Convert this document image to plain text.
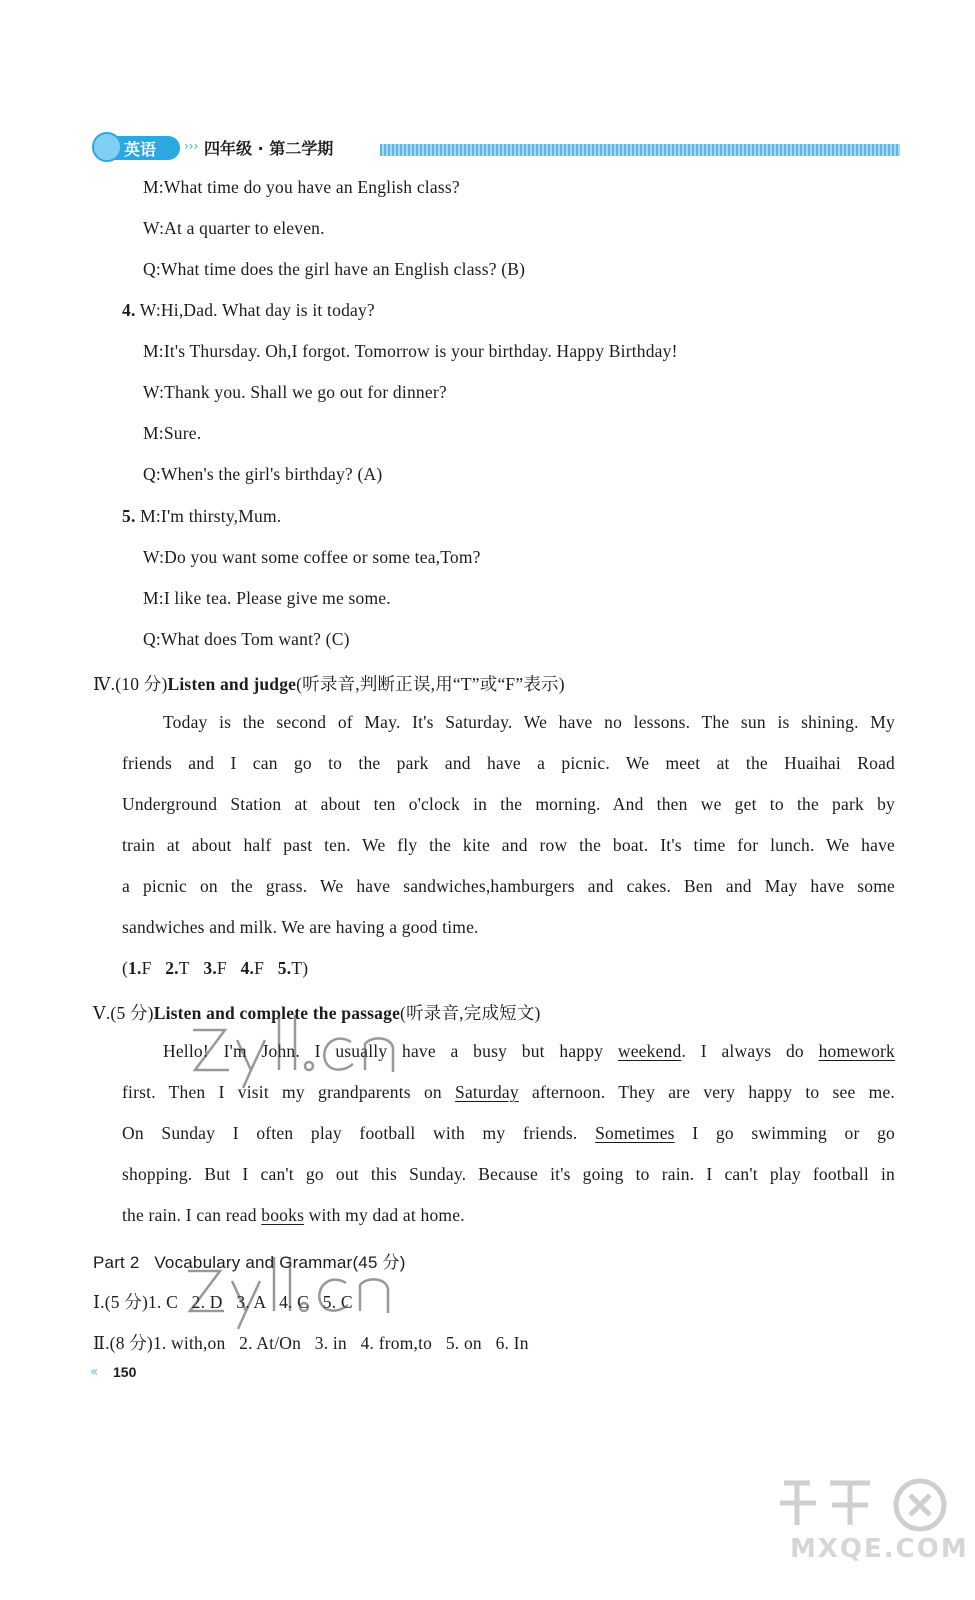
英语 ››› 四年级 · 第二学期
M:What time do you have an English class?
W:At a quarter to eleven.
Q:What time does the girl have an English class? (B)
4. W:Hi,Dad. What day is it today?
M:It's Thursday. Oh,I forgot. Tomorrow is your birthday. Happy Birthday!
W:Thank you. Shall we go out for dinner?
M:Sure.
Q:When's the girl's birthday? (A)
5. M:I'm thirsty,Mum.
W:Do you want some coffee or some tea,Tom?
M:I like tea. Please give me some.
Q:What does Tom want? (C)
Ⅳ.(10 分)Listen and judge(听录音,判断正误,用“T”或“F”表示)
Today is the second of May. It's Saturday. We have no lessons. The sun is shining. My
friends and I can go to the park and have a picnic. We meet at the Huaihai Road
Underground Station at about ten o'clock in the morning. And then we get to the park by
train at about half past ten. We fly the kite and row the boat. It's time for lunch. We have
a picnic on the grass. We have sandwiches,hamburgers and cakes. Ben and May have some
sandwiches and milk. We are having a good time.
(1.F 2.T 3.F 4.F 5.T)
Ⅴ.(5 分)Listen and complete the passage(听录音,完成短文)
Hello! I'm John. I usually have a busy but happy weekend. I always do homework
first. Then I visit my grandparents on Saturday afternoon. They are very happy to see me.
On Sunday I often play football with my friends. Sometimes I go swimming or go
shopping. But I can't go out this Sunday. Because it's going to rain. I can't play football in
the rain. I can read books with my dad at home.
Part 2   Vocabulary and Grammar(45 分)
Ⅰ.(5 分)1. C   2. D   3. A   4. C   5. C
Ⅱ.(8 分)1. with,on   2. At/On   3. in   4. from,to   5. on   6. In
‹‹ 150
MXQE.COM
